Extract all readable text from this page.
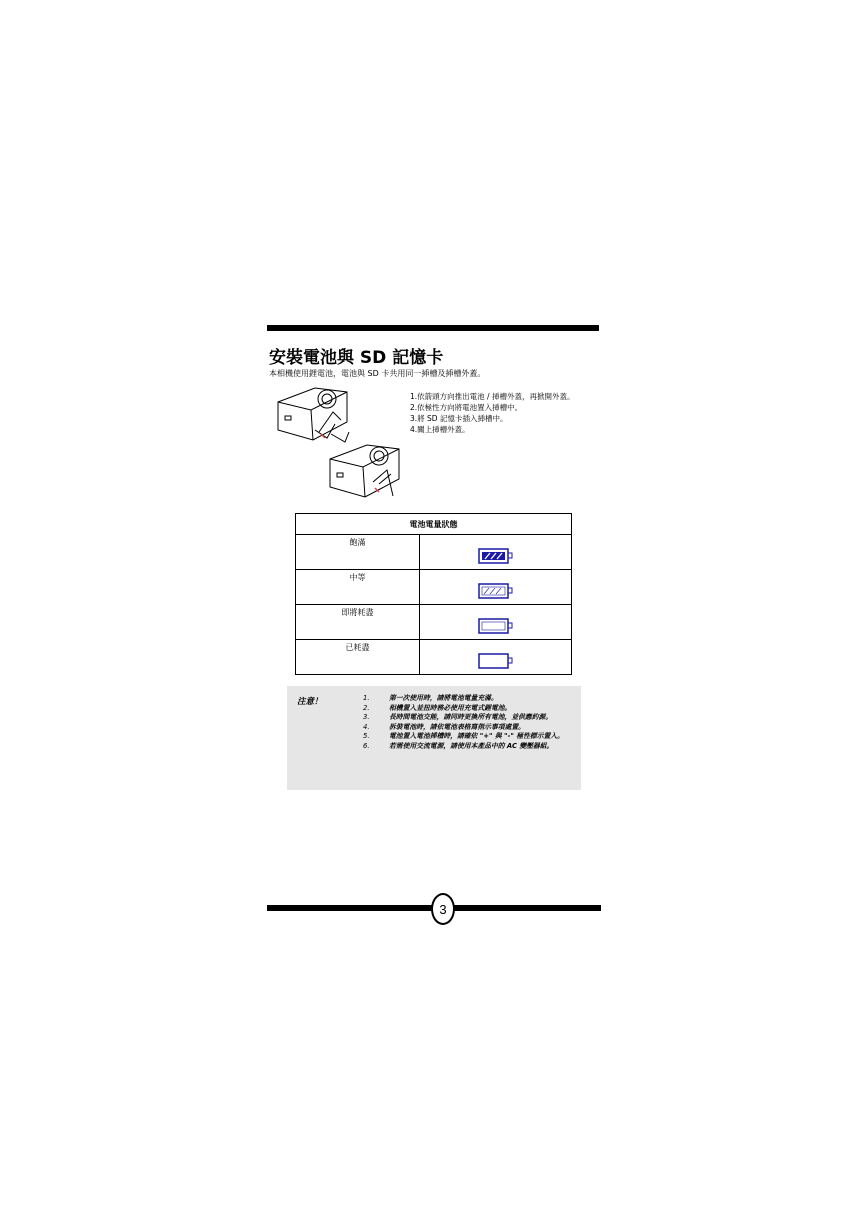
安裝電池與 SD 記憶卡
本相機使用鋰電池，電池與 SD 卡共用同一揷槽及揷槽外蓋。
1.依箭頭方向推出電池 / 揷槽外蓋，再掀開外蓋。
2.依極性方向將電池置入揷槽中。
3.將 SD 記憶卡插入揷槽中。
4.關上揷槽外蓋。
電池電量狀態	
飽滿	
中等	
即將耗盡	
已耗盡	
注意！	1.	第一次使用時，請將電池電量充滿。
2.	相機置入並扭時務必使用充電式鋰電池。
3.	長時間電池交能，請同時更換所有電池，並供應約源。
4.	拆裝電池時，請依電池表格寫指示事項處置。
5.	電池置入電池揷槽時，請確依 "+" 與 "-" 極性標示置入。
6.	若需使用交流電源，請使用本產品中的 AC 變壓器組。
3
